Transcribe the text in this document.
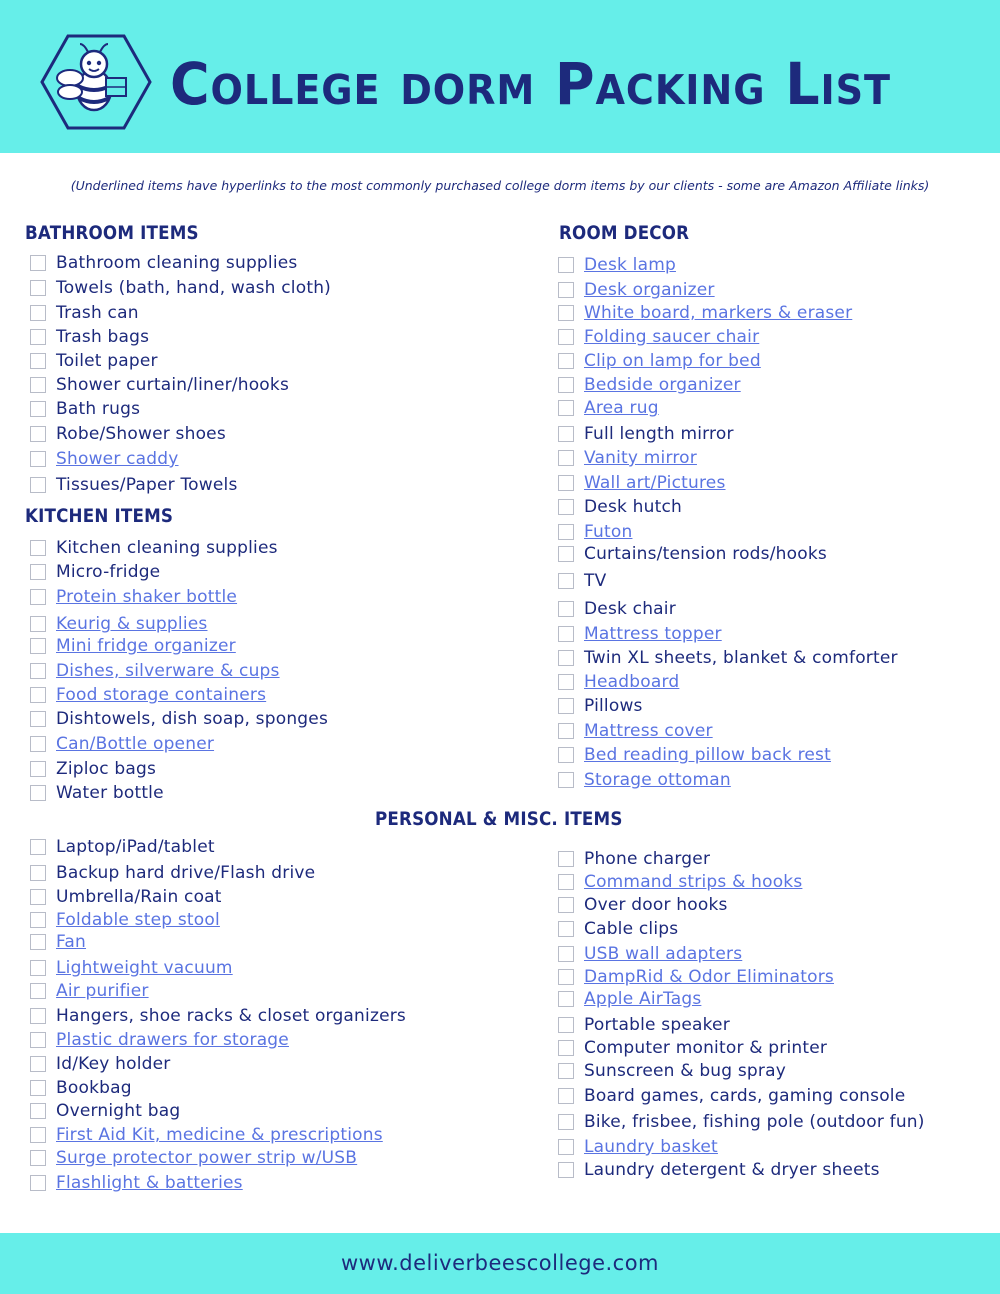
College dorm Packing List
(Underlined items have hyperlinks to the most commonly purchased college dorm items by our clients - some are Amazon Affiliate links)
BATHROOM ITEMS
KITCHEN ITEMS
ROOM DECOR
PERSONAL & MISC. ITEMS
Bathroom cleaning supplies
Towels (bath, hand, wash cloth)
Trash can
Trash bags
Toilet paper
Shower curtain/liner/hooks
Bath rugs
Robe/Shower shoes
Shower caddy
Tissues/Paper Towels
Kitchen cleaning supplies
Micro-fridge
Protein shaker bottle
Keurig & supplies
Mini fridge organizer
Dishes, silverware & cups
Food storage containers
Dishtowels, dish soap, sponges
Can/Bottle opener
Ziploc bags
Water bottle
Desk lamp
Desk organizer
White board, markers & eraser
Folding saucer chair
Clip on lamp for bed
Bedside organizer
Area rug
Full length mirror
Vanity mirror
Wall art/Pictures
Desk hutch
Futon
Curtains/tension rods/hooks
TV
Desk chair
Mattress topper
Twin XL sheets, blanket & comforter
Headboard
Pillows
Mattress cover
Bed reading pillow back rest
Storage ottoman
Laptop/iPad/tablet
Backup hard drive/Flash drive
Umbrella/Rain coat
Foldable step stool
Fan
Lightweight vacuum
Air purifier
Hangers, shoe racks & closet organizers
Plastic drawers for storage
Id/Key holder
Bookbag
Overnight bag
First Aid Kit, medicine & prescriptions
Surge protector power strip w/USB
Flashlight & batteries
Phone charger
Command strips & hooks
Over door hooks
Cable clips
USB wall adapters
DampRid & Odor Eliminators
Apple AirTags
Portable speaker
Computer monitor & printer
Sunscreen & bug spray
Board games, cards, gaming console
Bike, frisbee, fishing pole (outdoor fun)
Laundry basket
Laundry detergent & dryer sheets
www.deliverbeescollege.com
